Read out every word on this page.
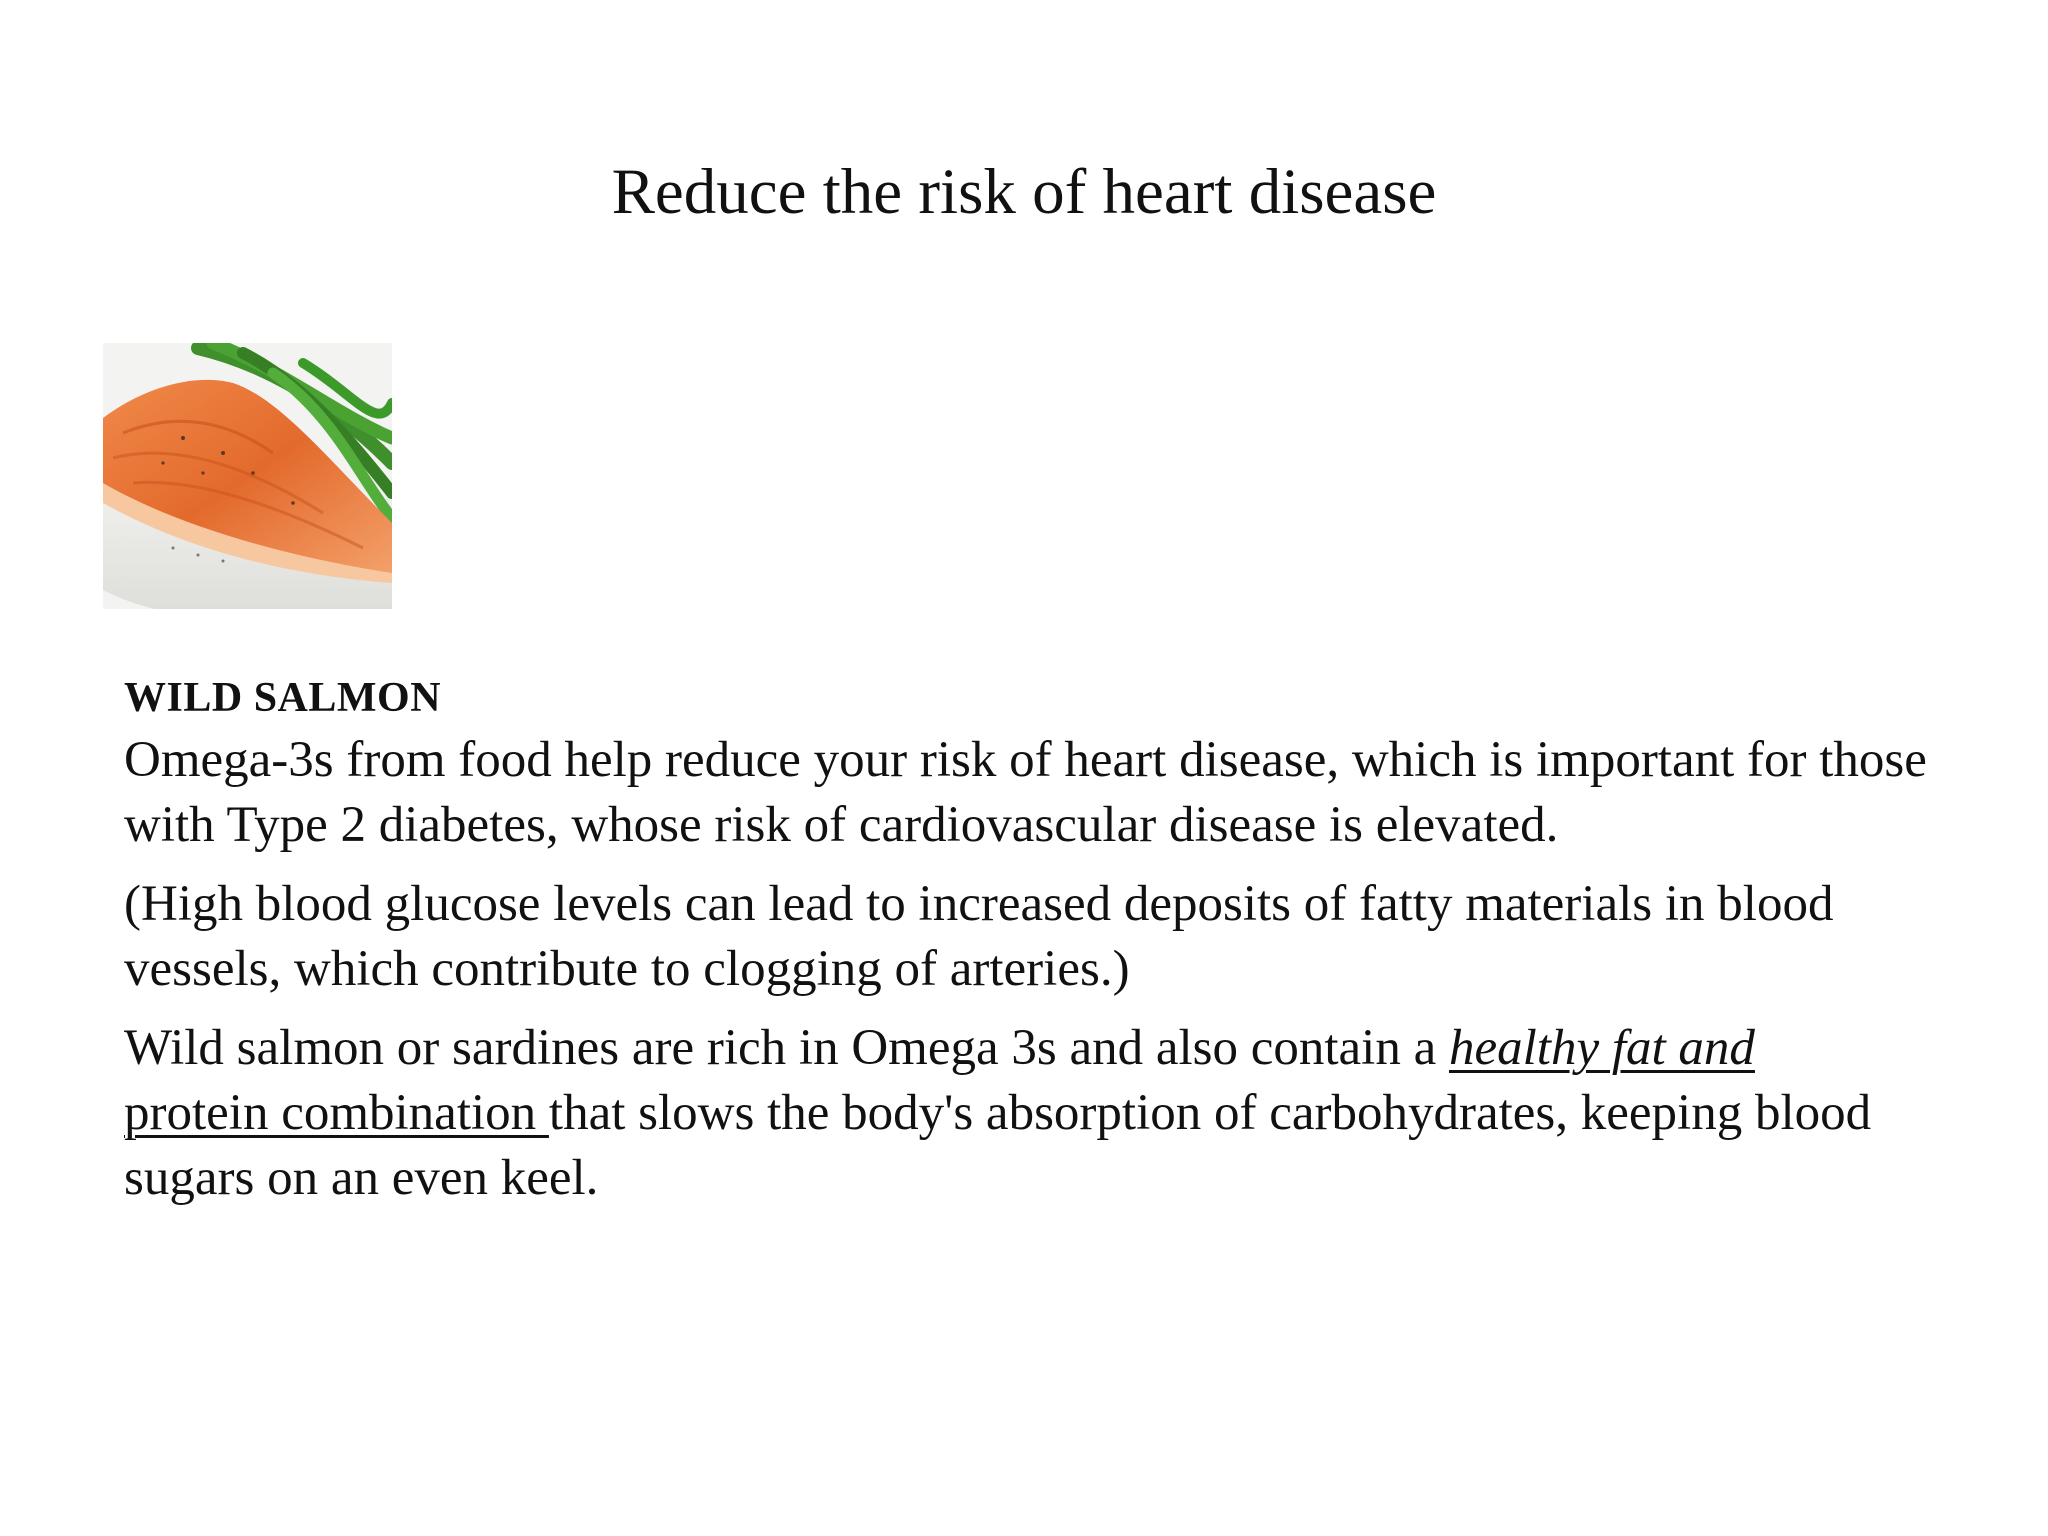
Reduce the risk of heart disease
WILD SALMON

Omega-3s from food help reduce your risk of heart disease, which is important for those with Type 2 diabetes, whose risk of cardiovascular disease is elevated.

(High blood glucose levels can lead to increased deposits of fatty materials in blood vessels, which contribute to clogging of arteries.)

Wild salmon or sardines are rich in Omega 3s and also contain a healthy fat and
protein combination that slows the body's absorption of carbohydrates, keeping blood sugars on an even keel.
